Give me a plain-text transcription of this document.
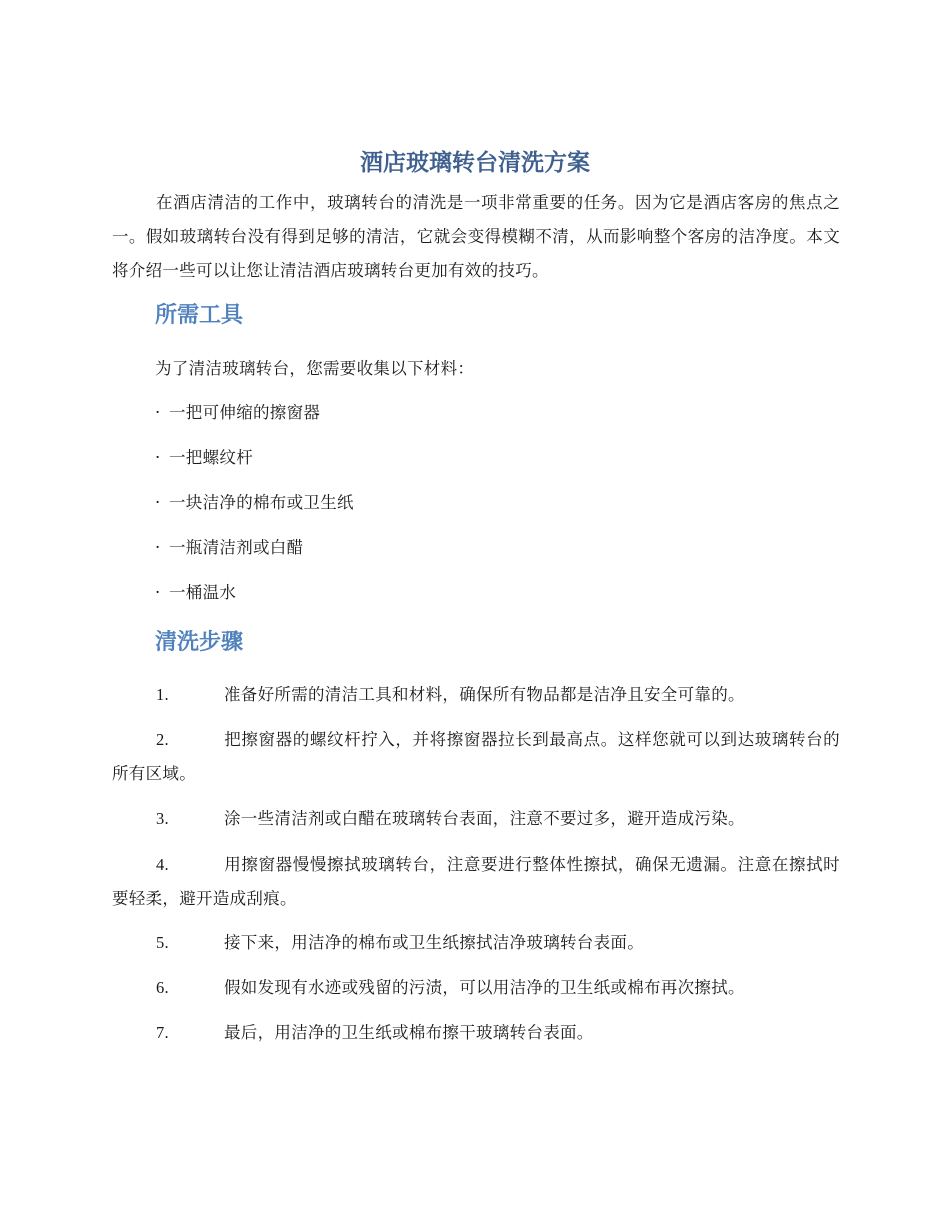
酒店玻璃转台清洗方案

在酒店清洁的工作中，玻璃转台的清洗是一项非常重要的任务。因为它是酒店客房的焦点之一。假如玻璃转台没有得到足够的清洁，它就会变得模糊不清，从而影响整个客房的洁净度。本文将介绍一些可以让您让清洁酒店玻璃转台更加有效的技巧。

所需工具

为了清洁玻璃转台，您需要收集以下材料：

· 一把可伸缩的擦窗器

· 一把螺纹杆

· 一块洁净的棉布或卫生纸

· 一瓶清洁剂或白醋

· 一桶温水

清洗步骤

1.	准备好所需的清洁工具和材料，确保所有物品都是洁净且安全可靠的。

2.	把擦窗器的螺纹杆拧入，并将擦窗器拉长到最高点。这样您就可以到达玻璃转台的所有区域。

3.	涂一些清洁剂或白醋在玻璃转台表面，注意不要过多，避开造成污染。

4.	用擦窗器慢慢擦拭玻璃转台，注意要进行整体性擦拭，确保无遗漏。注意在擦拭时要轻柔，避开造成刮痕。

5.	接下来，用洁净的棉布或卫生纸擦拭洁净玻璃转台表面。

6.	假如发现有水迹或残留的污渍，可以用洁净的卫生纸或棉布再次擦拭。

7.	最后，用洁净的卫生纸或棉布擦干玻璃转台表面。
